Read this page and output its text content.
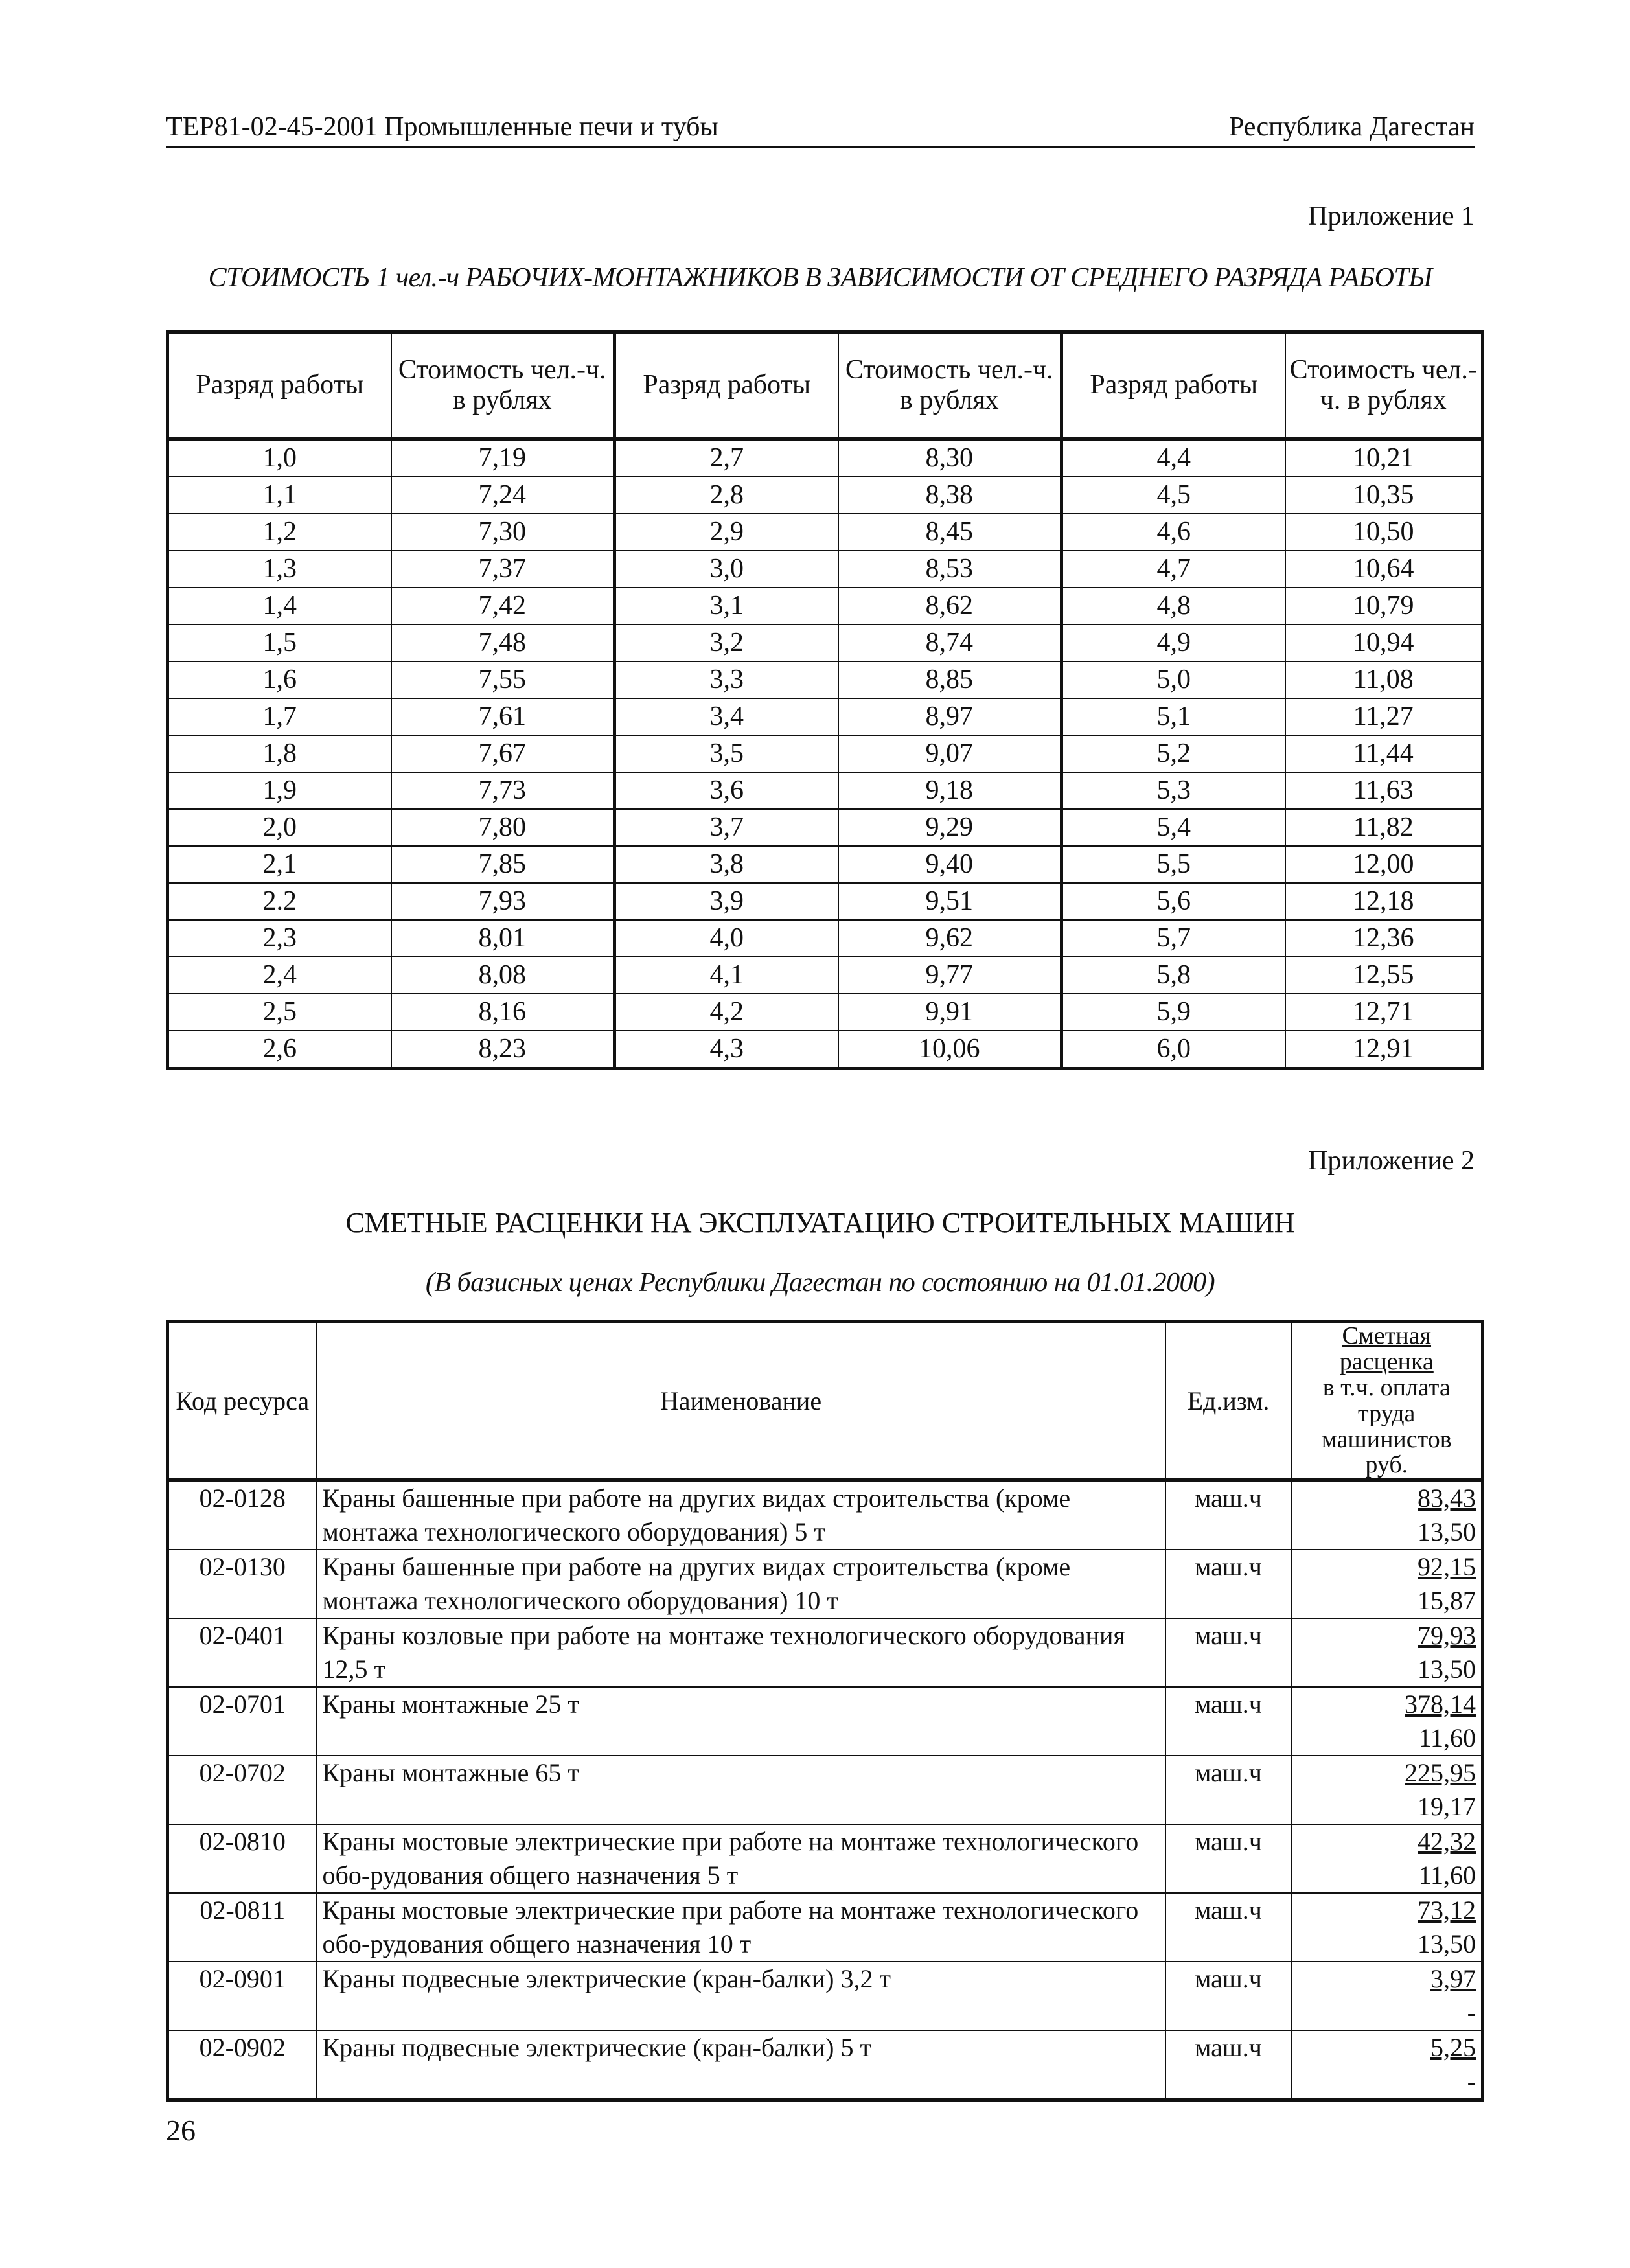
ТЕР81-02-45-2001 Промышленные печи и тубы	Республика Дагестан
Приложение 1
СТОИМОСТЬ 1 чел.-ч РАБОЧИХ-МОНТАЖНИКОВ В ЗАВИСИМОСТИ ОТ СРЕДНЕГО РАЗРЯДА РАБОТЫ
Разряд работы	Стоимость чел.-ч. в рублях	Разряд работы	Стоимость чел.-ч. в рублях	Разряд работы	Стоимость чел.-ч. в рублях
1,0	7,19	2,7	8,30	4,4	10,21
1,1	7,24	2,8	8,38	4,5	10,35
1,2	7,30	2,9	8,45	4,6	10,50
1,3	7,37	3,0	8,53	4,7	10,64
1,4	7,42	3,1	8,62	4,8	10,79
1,5	7,48	3,2	8,74	4,9	10,94
1,6	7,55	3,3	8,85	5,0	11,08
1,7	7,61	3,4	8,97	5,1	11,27
1,8	7,67	3,5	9,07	5,2	11,44
1,9	7,73	3,6	9,18	5,3	11,63
2,0	7,80	3,7	9,29	5,4	11,82
2,1	7,85	3,8	9,40	5,5	12,00
2.2	7,93	3,9	9,51	5,6	12,18
2,3	8,01	4,0	9,62	5,7	12,36
2,4	8,08	4,1	9,77	5,8	12,55
2,5	8,16	4,2	9,91	5,9	12,71
2,6	8,23	4,3	10,06	6,0	12,91
Приложение 2
СМЕТНЫЕ РАСЦЕНКИ НА ЭКСПЛУАТАЦИЮ СТРОИТЕЛЬНЫХ МАШИН
(В базисных ценах Республики Дагестан по состоянию на 01.01.2000)
Код ресурса	Наименование	Ед.изм.	Сметная расценка
в т.ч. оплата
труда машинистов
руб.

02-0128	Краны башенные при работе на других видах строительства (кроме монтажа технологического оборудования) 5 т	маш.ч	83,43
13,50

02-0130	Краны башенные при работе на других видах строительства (кроме монтажа технологического оборудования) 10 т	маш.ч	92,15
15,87

02-0401	Краны козловые при работе на монтаже технологического оборудования 12,5 т	маш.ч	79,93
13,50

02-0701	Краны монтажные 25 т	маш.ч	378,14
11,60

02-0702	Краны монтажные 65 т	маш.ч	225,95
19,17

02-0810	Краны мостовые электрические при работе на монтаже технологического обо-рудования общего назначения 5 т	маш.ч	42,32
11,60

02-0811	Краны мостовые электрические при работе на монтаже технологического обо-рудования общего назначения 10 т	маш.ч	73,12
13,50

02-0901	Краны подвесные электрические (кран-балки) 3,2 т	маш.ч	3,97
-

02-0902	Краны подвесные электрические (кран-балки) 5 т	маш.ч	5,25
-
26
